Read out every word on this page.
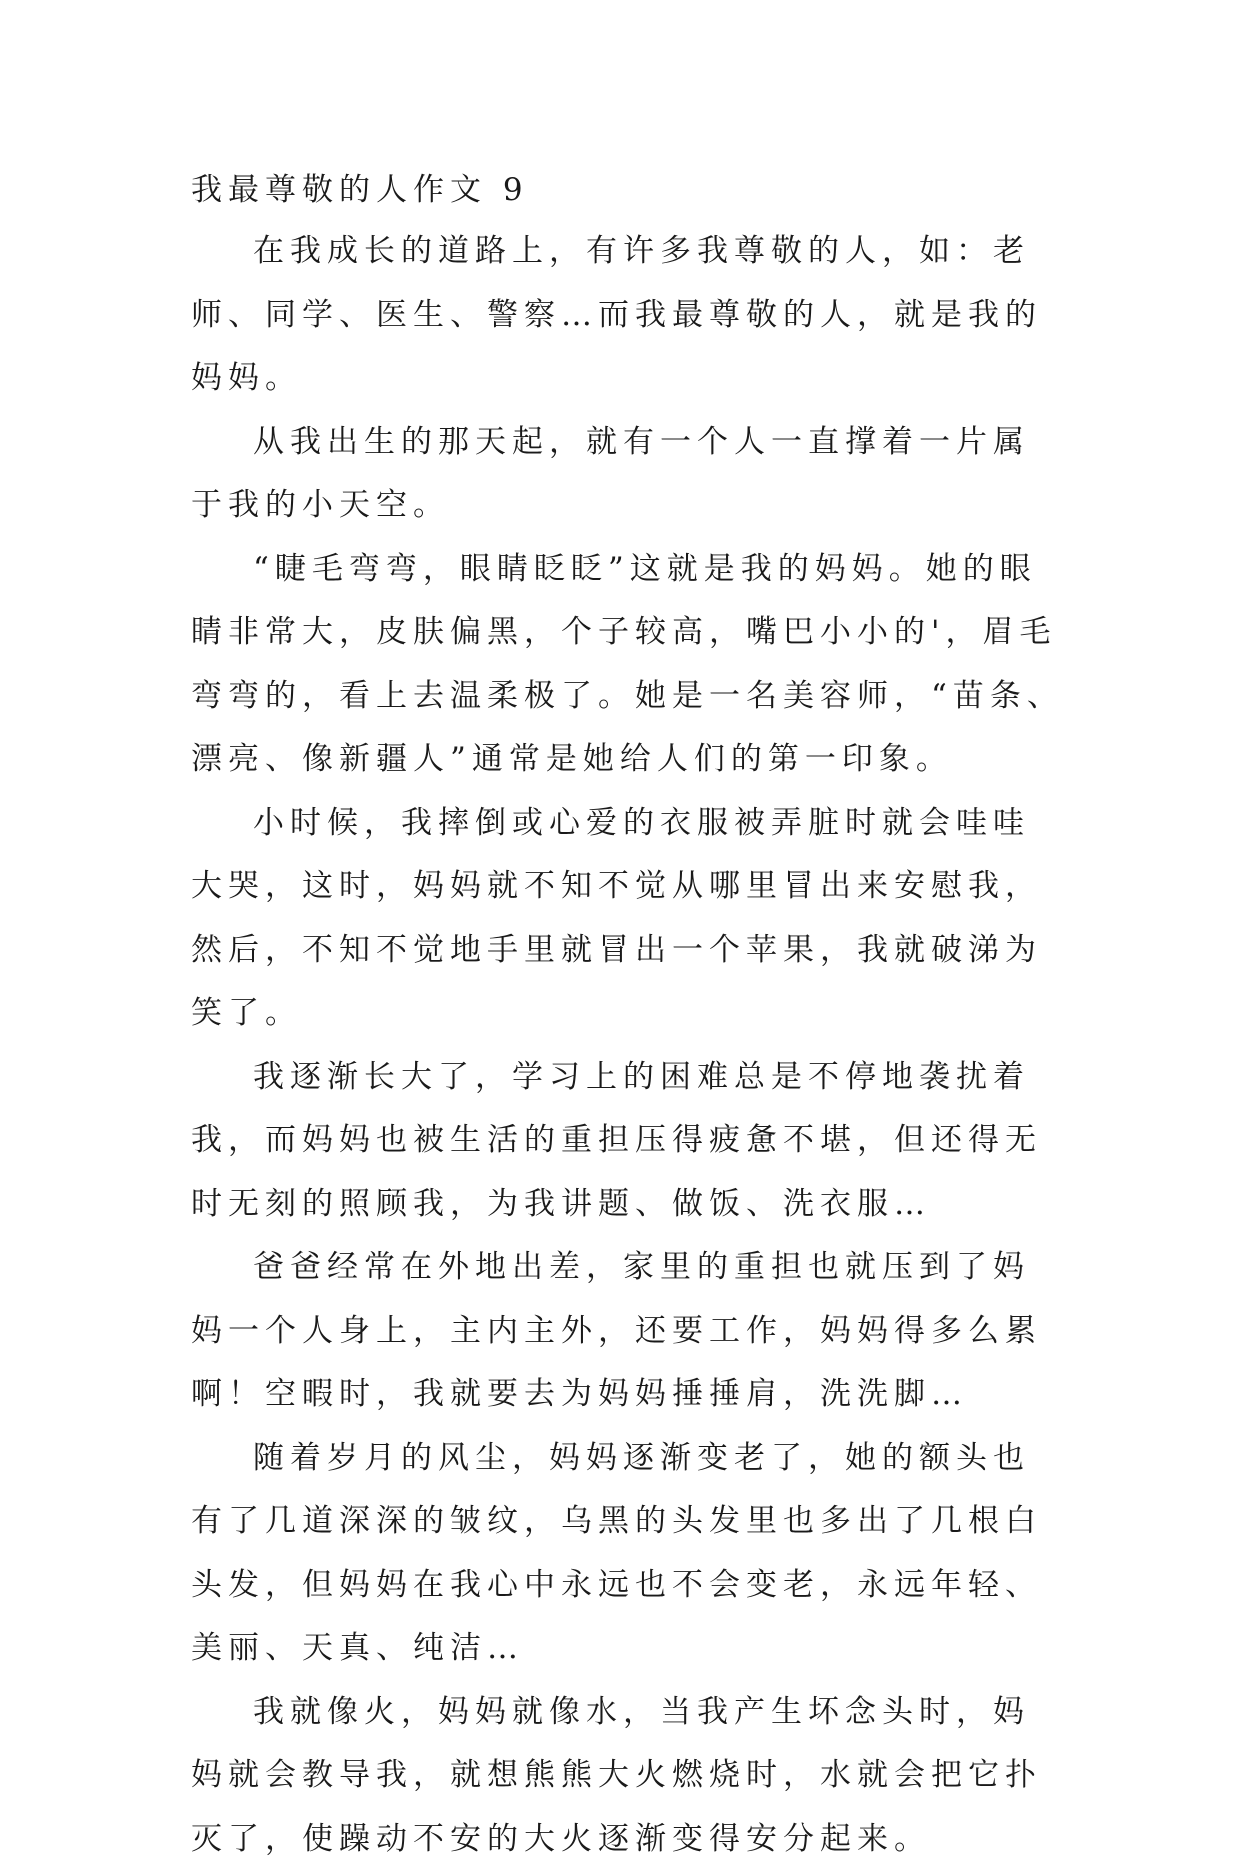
我最尊敬的人作文 9

在我成长的道路上，有许多我尊敬的人，如：老师、同学、医生、警察…而我最尊敬的人，就是我的妈妈。

从我出生的那天起，就有一个人一直撑着一片属于我的小天空。

“睫毛弯弯，眼睛眨眨”这就是我的妈妈。她的眼睛非常大，皮肤偏黑，个子较高，嘴巴小小的'，眉毛弯弯的，看上去温柔极了。她是一名美容师，“苗条、漂亮、像新疆人”通常是她给人们的第一印象。

小时候，我摔倒或心爱的衣服被弄脏时就会哇哇大哭，这时，妈妈就不知不觉从哪里冒出来安慰我，然后，不知不觉地手里就冒出一个苹果，我就破涕为笑了。

我逐渐长大了，学习上的困难总是不停地袭扰着我，而妈妈也被生活的重担压得疲惫不堪，但还得无时无刻的照顾我，为我讲题、做饭、洗衣服…

爸爸经常在外地出差，家里的重担也就压到了妈妈一个人身上，主内主外，还要工作，妈妈得多么累啊！空暇时，我就要去为妈妈捶捶肩，洗洗脚…

随着岁月的风尘，妈妈逐渐变老了，她的额头也有了几道深深的皱纹，乌黑的头发里也多出了几根白头发，但妈妈在我心中永远也不会变老，永远年轻、美丽、天真、纯洁…

我就像火，妈妈就像水，当我产生坏念头时，妈妈就会教导我，就想熊熊大火燃烧时，水就会把它扑灭了，使躁动不安的大火逐渐变得安分起来。
